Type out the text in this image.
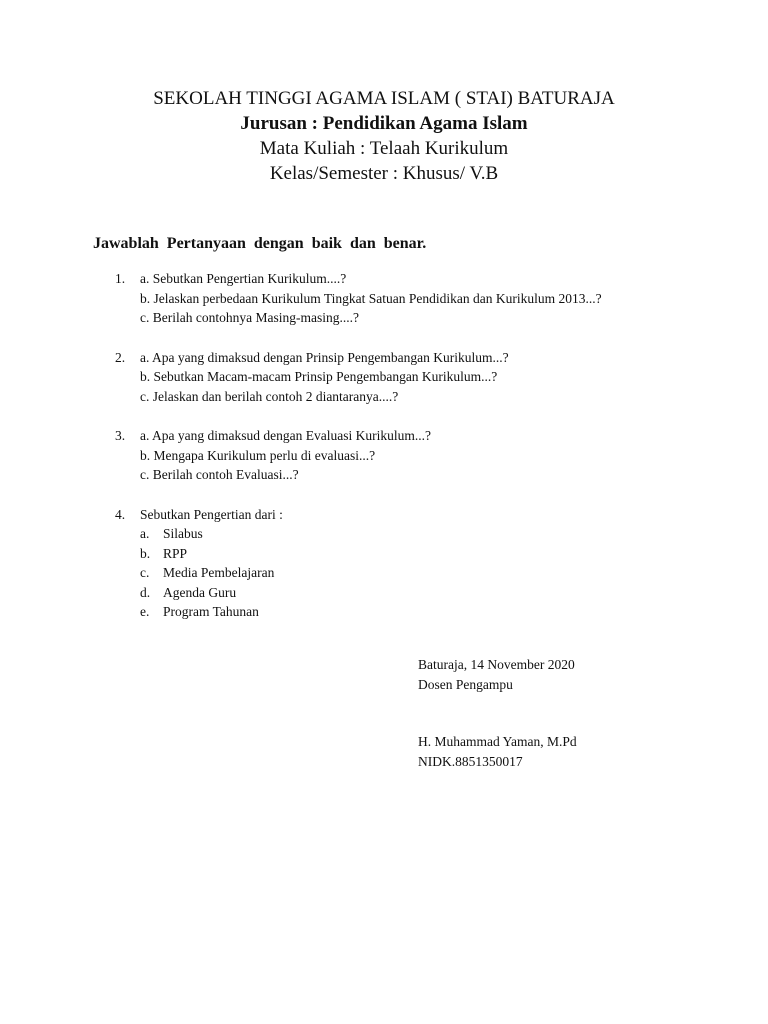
SEKOLAH TINGGI AGAMA ISLAM ( STAI) BATURAJA
Jurusan : Pendidikan Agama Islam
Mata Kuliah : Telaah Kurikulum
Kelas/Semester : Khusus/ V.B
Jawablah Pertanyaan dengan baik dan benar.
1. a. Sebutkan Pengertian Kurikulum....?
b. Jelaskan perbedaan Kurikulum Tingkat Satuan Pendidikan dan Kurikulum 2013...?
c. Berilah contohnya Masing-masing....?
2. a. Apa yang dimaksud dengan Prinsip Pengembangan Kurikulum...?
b. Sebutkan Macam-macam Prinsip Pengembangan Kurikulum...?
c. Jelaskan dan berilah contoh 2 diantaranya....?
3. a. Apa yang dimaksud dengan Evaluasi Kurikulum...?
b. Mengapa Kurikulum perlu di evaluasi...?
c. Berilah contoh Evaluasi...?
4. Sebutkan Pengertian dari :
a. Silabus
b. RPP
c. Media Pembelajaran
d. Agenda Guru
e. Program Tahunan
Baturaja, 14 November 2020
Dosen Pengampu
H. Muhammad Yaman, M.Pd
NIDK.8851350017
